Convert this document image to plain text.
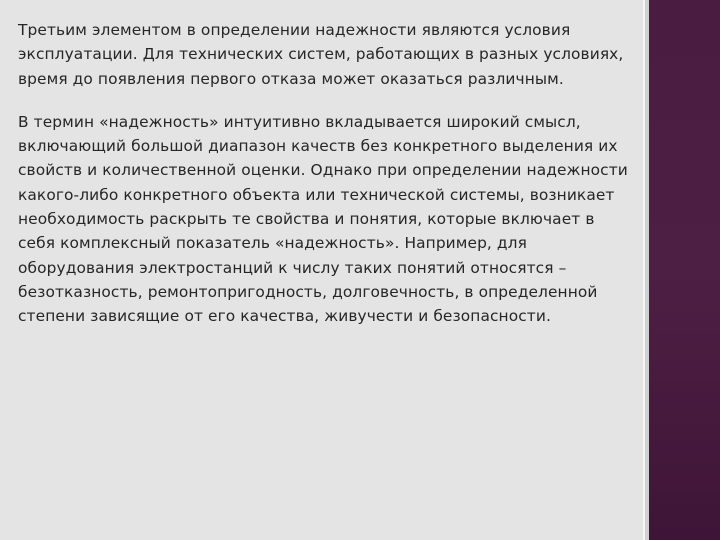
Третьим элементом в определении надежности являются условия эксплуатации. Для технических систем, работающих в разных условиях, время до появления первого отказа может оказаться различным.

В термин «надежность» интуитивно вкладывается широкий смысл, включающий большой диапазон качеств без конкретного выделения их свойств и количественной оценки. Однако при определении надежности какого-либо конкретного объекта или технической системы, возникает необходимость раскрыть те свойства и понятия, которые включает в себя комплексный показатель «надежность». Например, для оборудования электростанций к числу таких понятий относятся – безотказность, ремонтопригодность, долговечность, в определенной степени зависящие от его качества, живучести и безопасности.
